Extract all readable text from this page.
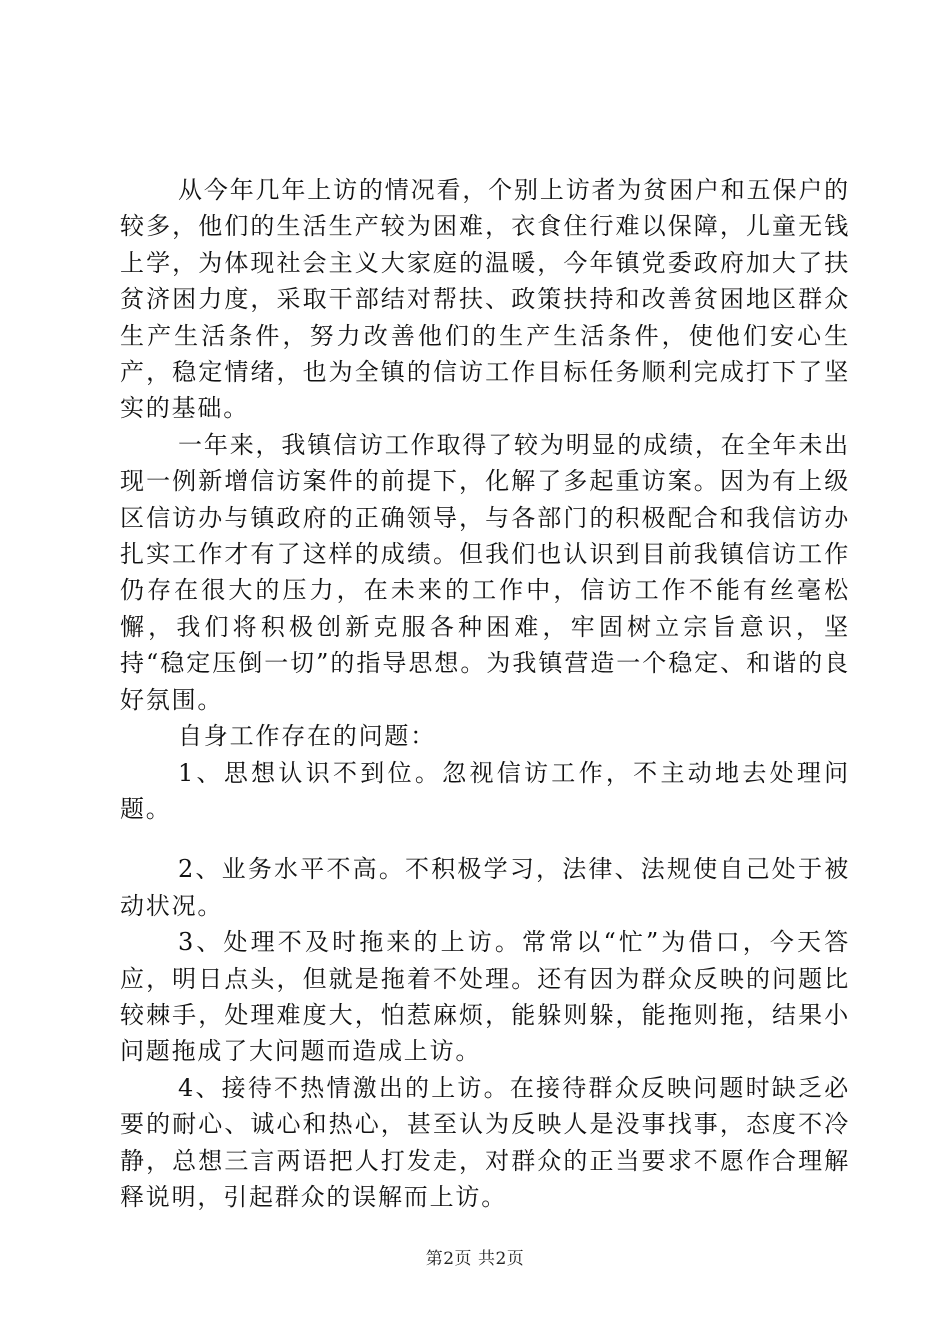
从今年几年上访的情况看，个别上访者为贫困户和五保户的较多，他们的生活生产较为困难，衣食住行难以保障，儿童无钱上学，为体现社会主义大家庭的温暖，今年镇党委政府加大了扶贫济困力度，采取干部结对帮扶、政策扶持和改善贫困地区群众生产生活条件，努力改善他们的生产生活条件，使他们安心生产，稳定情绪，也为全镇的信访工作目标任务顺利完成打下了坚实的基础。

一年来，我镇信访工作取得了较为明显的成绩，在全年未出现一例新增信访案件的前提下，化解了多起重访案。因为有上级区信访办与镇政府的正确领导，与各部门的积极配合和我信访办扎实工作才有了这样的成绩。但我们也认识到目前我镇信访工作仍存在很大的压力，在未来的工作中，信访工作不能有丝毫松懈，我们将积极创新克服各种困难，牢固树立宗旨意识，坚持“稳定压倒一切”的指导思想。为我镇营造一个稳定、和谐的良好氛围。

自身工作存在的问题：

1、思想认识不到位。忽视信访工作，不主动地去处理问题。

2、业务水平不高。不积极学习，法律、法规使自己处于被动状况。

3、处理不及时拖来的上访。常常以“忙”为借口，今天答应，明日点头，但就是拖着不处理。还有因为群众反映的问题比较棘手，处理难度大，怕惹麻烦，能躲则躲，能拖则拖，结果小问题拖成了大问题而造成上访。

4、接待不热情激出的上访。在接待群众反映问题时缺乏必要的耐心、诚心和热心，甚至认为反映人是没事找事，态度不冷静，总想三言两语把人打发走，对群众的正当要求不愿作合理解释说明，引起群众的误解而上访。

第2页 共2页
